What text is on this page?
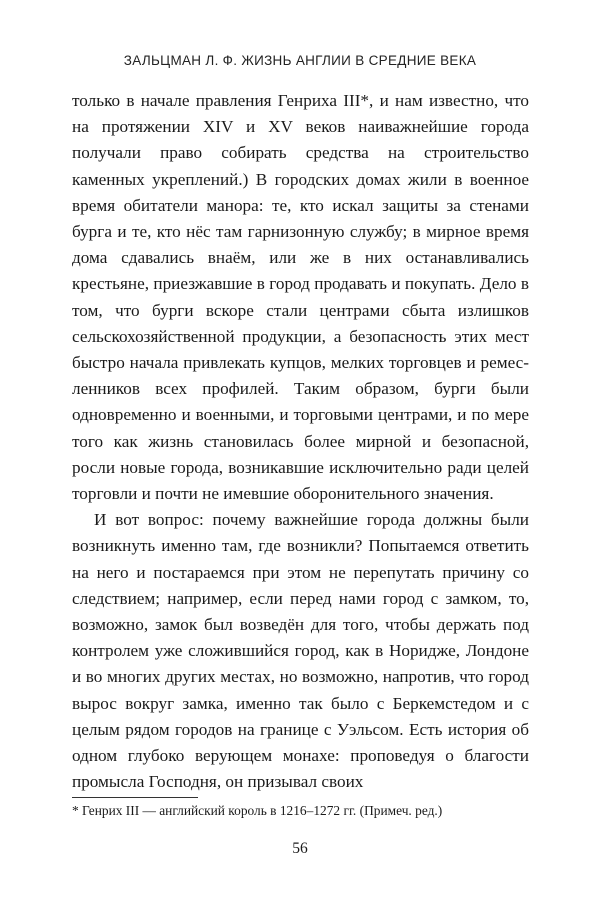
ЗАЛЬЦМАН Л. Ф. ЖИЗНЬ АНГЛИИ В СРЕДНИЕ ВЕКА

только в начале правления Генриха III*, и нам известно, что на протяжении XIV и XV веков наиважнейшие города получали право собирать средства на строительство каменных укреплений.) В городских домах жили в военное время обитатели манора: те, кто искал защиты за стенами бурга и те, кто нёс там гарнизонную службу; в мирное время дома сдавались внаём, или же в них останавливались крестьяне, приезжавшие в город продавать и покупать. Дело в том, что бурги вскоре стали центрами сбыта излишков сельскохозяйственной продукции, а безопасность этих мест быстро начала привлекать купцов, мелких торговцев и ремесленников всех профилей. Таким образом, бурги были одновременно и военными, и торговыми центрами, и по мере того как жизнь становилась более мирной и безопасной, росли новые города, возникавшие исключительно ради целей торговли и почти не имевшие оборонительного значения.

И вот вопрос: почему важнейшие города должны были возникнуть именно там, где возникли? Попытаемся ответить на него и постараемся при этом не перепутать причину со следствием; например, если перед нами город с замком, то, возможно, замок был возведён для того, чтобы держать под контролем уже сложившийся город, как в Норидже, Лондоне и во многих других местах, но возможно, напротив, что город вырос вокруг замка, именно так было с Беркемстедом и с целым рядом городов на границе с Уэльсом. Есть история об одном глубоко верующем монахе: проповедуя о благости промысла Господня, он призывал своих

* Генрих III — английский король в 1216–1272 гг. (Примеч. ред.)
56
